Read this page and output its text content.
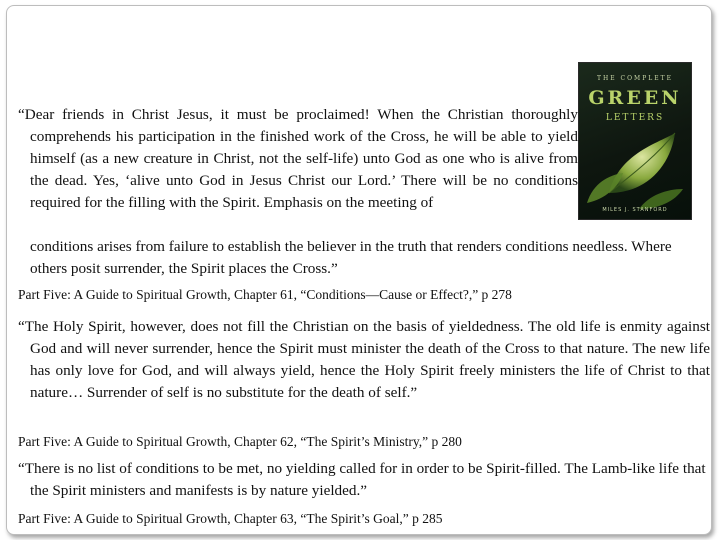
THE COMPLETE
GREEN
LETTERS
MILES J. STANFORD
“Dear friends in Christ Jesus, it must be proclaimed! When the Christian thoroughly comprehends his participation in the finished work of the Cross, he will be able to yield himself (as a new creature in Christ, not the self-life) unto God as one who is alive from the dead. Yes, ‘alive unto God in Jesus Christ our Lord.’ There will be no conditions required for the filling with the Spirit. Emphasis on the meeting of
conditions arises from failure to establish the believer in the truth that renders conditions needless. Where others posit surrender, the Spirit places the Cross.”
Part Five: A Guide to Spiritual Growth, Chapter 61, “Conditions—Cause or Effect?,” p 278
“The Holy Spirit, however, does not fill the Christian on the basis of yieldedness. The old life is enmity against God and will never surrender, hence the Spirit must minister the death of the Cross to that nature. The new life has only love for God, and will always yield, hence the Holy Spirit freely ministers the life of Christ to that nature… Surrender of self is no substitute for the death of self.”
Part Five: A Guide to Spiritual Growth, Chapter 62, “The Spirit’s Ministry,” p 280
“There is no list of conditions to be met, no yielding called for in order to be Spirit-filled. The Lamb-like life that the Spirit ministers and manifests is by nature yielded.”
Part Five: A Guide to Spiritual Growth, Chapter 63, “The Spirit’s Goal,” p 285
